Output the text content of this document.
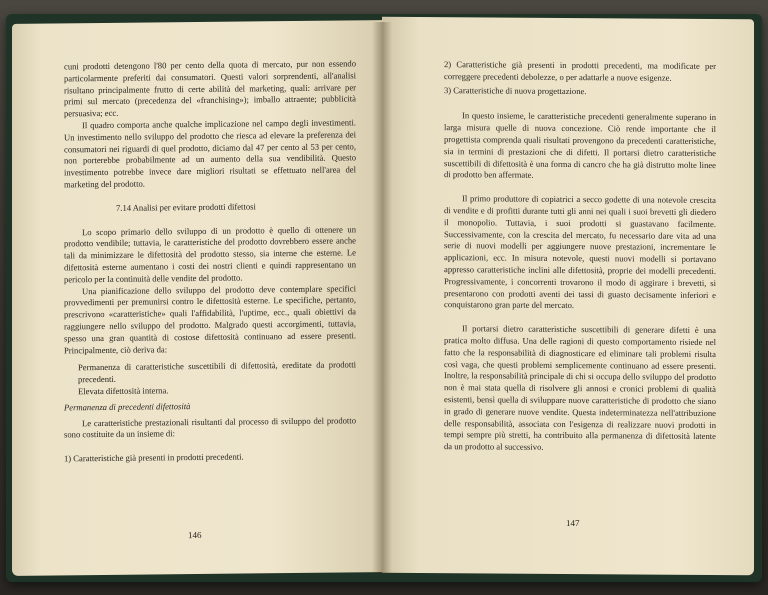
cuni prodotti detengono l'80 per cento della quota di mercato, pur non essendo particolarmente preferiti dai consumatori. Questi valori sorprendenti, all'analisi risultano principalmente frutto di certe abilità del marketing, quali: arrivare per primi sul mercato (precedenza del «franchising»); imballo attraente; pubblicità persuasiva; ecc.

Il quadro comporta anche qualche implicazione nel campo degli investimenti. Un investimento nello sviluppo del prodotto che riesca ad elevare la preferenza dei consumatori nei riguardi di quel prodotto, diciamo dal 47 per cento al 53 per cento, non porterebbe probabilmente ad un aumento della sua vendibilità. Questo investimento potrebbe invece dare migliori risultati se effettuato nell'area del marketing del prodotto.

7.14 Analisi per evitare prodotti difettosi

Lo scopo primario dello sviluppo di un prodotto è quello di ottenere un prodotto vendibile; tuttavia, le caratteristiche del prodotto dovrebbero essere anche tali da minimizzare le difettosità del prodotto stesso, sia interne che esterne. Le difettosità esterne aumentano i costi dei nostri clienti e quindi rappresentano un pericolo per la continuità delle vendite del prodotto.

Una pianificazione dello sviluppo del prodotto deve contemplare specifici provvedimenti per premunirsi contro le difettosità esterne. Le specifiche, pertanto, prescrivono «caratteristiche» quali l'affidabilità, l'uptime, ecc., quali obiettivi da raggiungere nello sviluppo del prodotto. Malgrado questi accorgimenti, tuttavia, spesso una gran quantità di costose difettosità continuano ad essere presenti. Principalmente, ciò deriva da:

Permanenza di caratteristiche suscettibili di difettosità, ereditate da prodotti precedenti.

Elevata difettosità interna.

Permanenza di precedenti difettosità

Le caratteristiche prestazionali risultanti dal processo di sviluppo del prodotto sono costituite da un insieme di:

1) Caratteristiche già presenti in prodotti precedenti.

146

2) Caratteristiche già presenti in prodotti precedenti, ma modificate per correggere precedenti debolezze, o per adattarle a nuove esigenze.

3) Caratteristiche di nuova progettazione.

In questo insieme, le caratteristiche precedenti generalmente superano in larga misura quelle di nuova concezione. Ciò rende importante che il progettista comprenda quali risultati provengono da precedenti caratteristiche, sia in termini di prestazioni che di difetti. Il portarsi dietro caratteristiche suscettibili di difettosità è una forma di cancro che ha già distrutto molte linee di prodotto ben affermate.

Il primo produttore di copiatrici a secco godette di una notevole crescita di vendite e di profitti durante tutti gli anni nei quali i suoi brevetti gli diedero il monopolio. Tuttavia, i suoi prodotti si guastavano facilmente. Successivamente, con la crescita del mercato, fu necessario dare vita ad una serie di nuovi modelli per aggiungere nuove prestazioni, incrementare le applicazioni, ecc. In misura notevole, questi nuovi modelli si portavano appresso caratteristiche inclini alle difettosità, proprie dei modelli precedenti. Progressivamente, i concorrenti trovarono il modo di aggirare i brevetti, si presentarono con prodotti aventi dei tassi di guasto decisamente inferiori e conquistarono gran parte del mercato.

Il portarsi dietro caratteristiche suscettibili di generare difetti è una pratica molto diffusa. Una delle ragioni di questo comportamento risiede nel fatto che la responsabilità di diagnosticare ed eliminare tali problemi risulta così vaga, che questi problemi semplicemente continuano ad essere presenti. Inoltre, la responsabilità principale di chi si occupa dello sviluppo del prodotto non è mai stata quella di risolvere gli annosi e cronici problemi di qualità esistenti, bensì quella di sviluppare nuove caratteristiche di prodotto che siano in grado di generare nuove vendite. Questa indeterminatezza nell'attribuzione delle responsabilità, associata con l'esigenza di realizzare nuovi prodotti in tempi sempre più stretti, ha contribuito alla permanenza di difettosità latente da un prodotto al successivo.

147
